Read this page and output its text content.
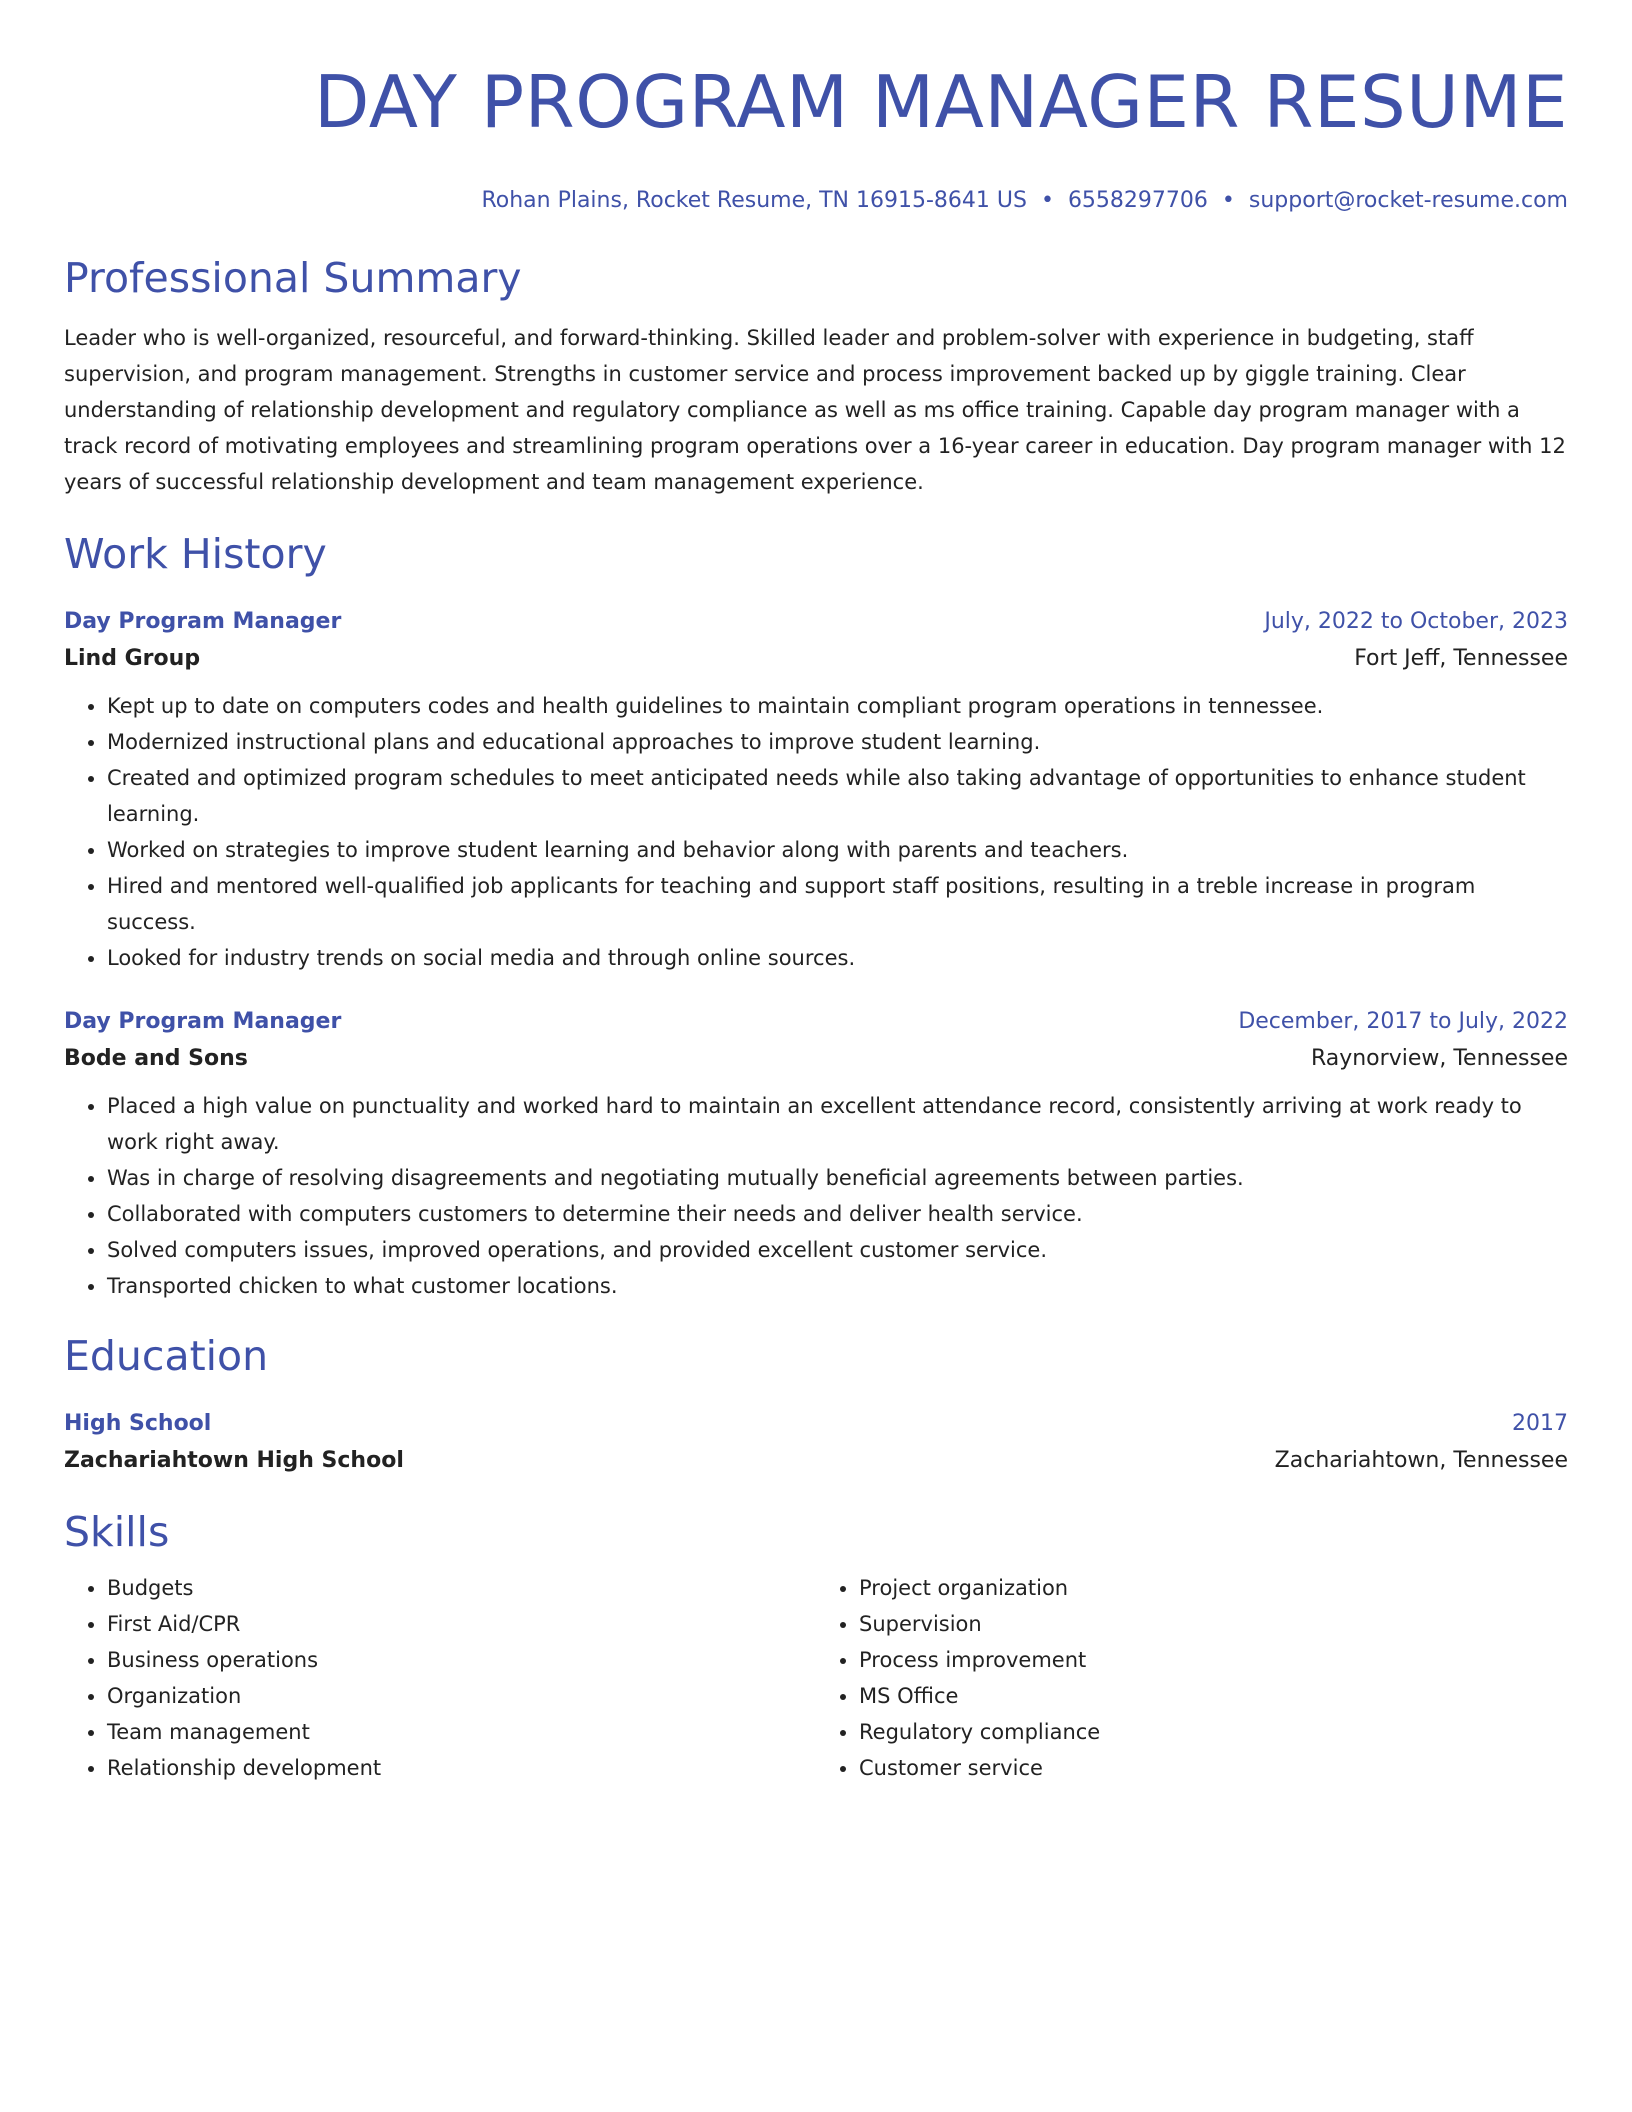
DAY PROGRAM MANAGER RESUME
Rohan Plains, Rocket Resume, TN 16915-8641 US • 6558297706 • support@rocket-resume.com
Professional Summary

Leader who is well-organized, resourceful, and forward-thinking. Skilled leader and problem-solver with experience in budgeting, staff supervision, and program management. Strengths in customer service and process improvement backed up by giggle training. Clear understanding of relationship development and regulatory compliance as well as ms office training. Capable day program manager with a track record of motivating employees and streamlining program operations over a 16-year career in education. Day program manager with 12 years of successful relationship development and team management experience.

Work History
Day Program Manager	July, 2022 to October, 2023
Lind Group	Fort Jeff, Tennessee
• Kept up to date on computers codes and health guidelines to maintain compliant program operations in tennessee.
• Modernized instructional plans and educational approaches to improve student learning.
• Created and optimized program schedules to meet anticipated needs while also taking advantage of opportunities to enhance student learning.
• Worked on strategies to improve student learning and behavior along with parents and teachers.
• Hired and mentored well-qualified job applicants for teaching and support staff positions, resulting in a treble increase in program success.
• Looked for industry trends on social media and through online sources.
Day Program Manager	December, 2017 to July, 2022
Bode and Sons	Raynorview, Tennessee
• Placed a high value on punctuality and worked hard to maintain an excellent attendance record, consistently arriving at work ready to work right away.
• Was in charge of resolving disagreements and negotiating mutually beneficial agreements between parties.
• Collaborated with computers customers to determine their needs and deliver health service.
• Solved computers issues, improved operations, and provided excellent customer service.
• Transported chicken to what customer locations.
Education
High School	2017
Zachariahtown High School	Zachariahtown, Tennessee
Skills
• Budgets
• First Aid/CPR
• Business operations
• Organization
• Team management
• Relationship development
• Project organization
• Supervision
• Process improvement
• MS Office
• Regulatory compliance
• Customer service
